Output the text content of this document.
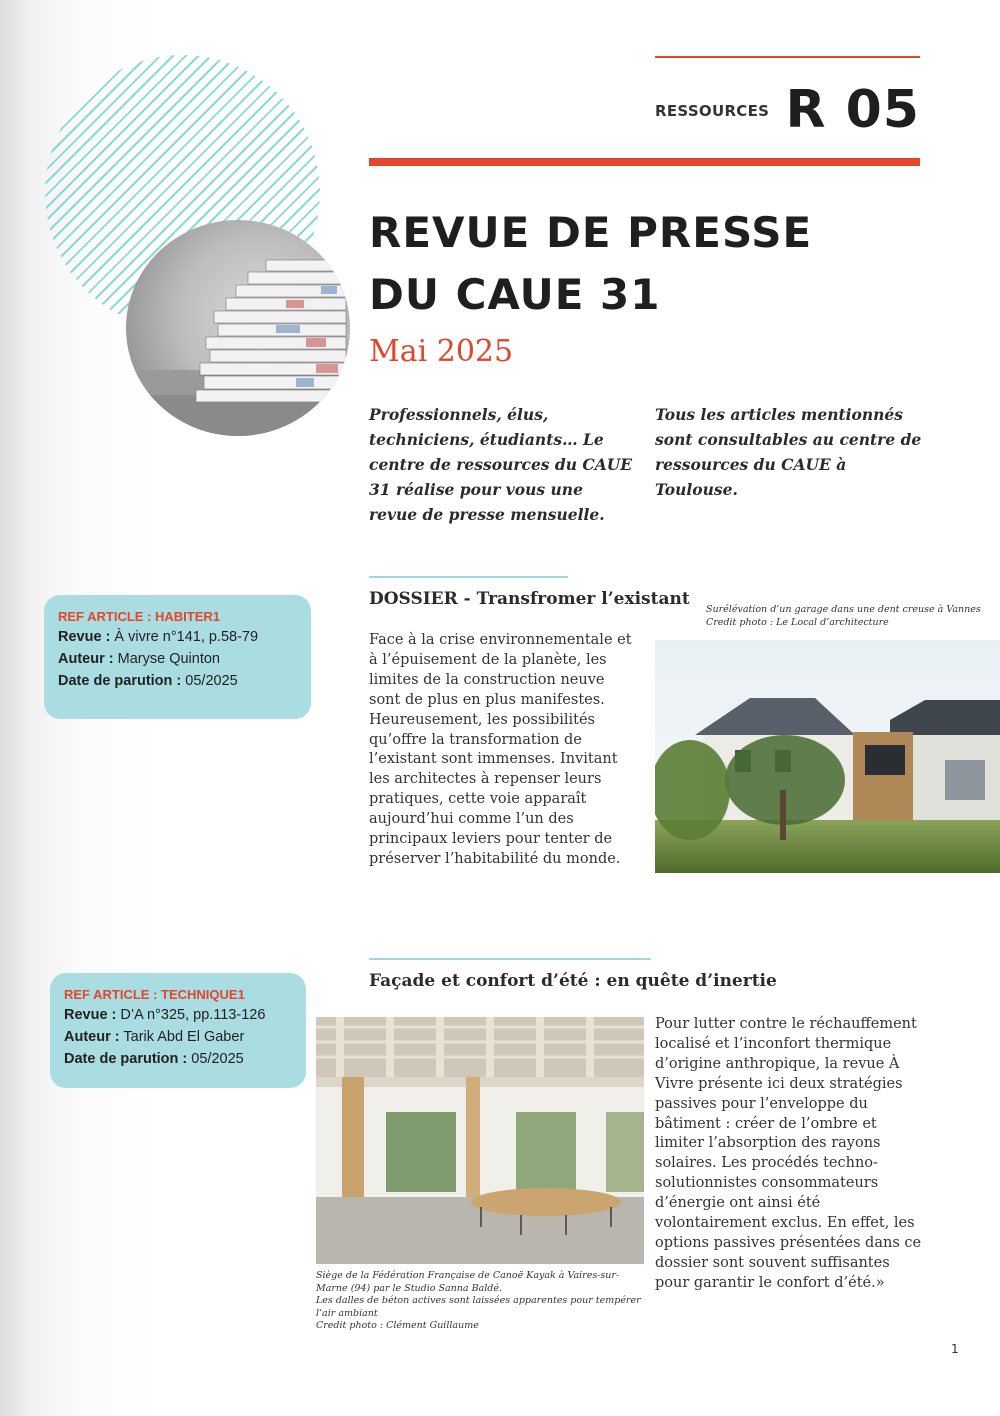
RESSOURCES R 05
REVUE DE PRESSE
DU CAUE 31
Mai 2025
Professionnels, élus, techniciens, étudiants… Le centre de ressources du CAUE 31 réalise pour vous une revue de presse mensuelle.
Tous les articles mentionnés sont consultables au centre de ressources du CAUE à Toulouse.
DOSSIER - Transfromer l’existant
REF ARTICLE : HABITER1
Revue : À vivre n°141, p.58-79
Auteur : Maryse Quinton
Date de parution : 05/2025
Face à la crise environnementale et à l’épuisement de la planète, les limites de la construction neuve sont de plus en plus manifestes. Heureusement, les possibilités qu’offre la transformation de l’existant sont immenses. Invitant les architectes à repenser leurs pratiques, cette voie apparaît aujourd’hui comme l’un des principaux leviers pour tenter de préserver l’habitabilité du monde.
Surélévation d’un garage dans une dent creuse à Vannes
Credit photo : Le Local d’architecture
Façade et confort d’été : en quête d’inertie
REF ARTICLE : TECHNIQUE1
Revue : D’A n°325, pp.113-126
Auteur : Tarik Abd El Gaber
Date de parution : 05/2025
Pour lutter contre le réchauffement localisé et l’inconfort thermique d’origine anthropique, la revue À Vivre présente ici deux stratégies passives pour l’enveloppe du bâtiment : créer de l’ombre et limiter l’absorption des rayons solaires. Les procédés techno-solutionnistes consommateurs d’énergie ont ainsi été volontairement exclus. En effet, les options passives présentées dans ce dossier sont souvent suffisantes pour garantir le confort d’été.»
Siège de la Fédération Française de Canoë Kayak à Vaires-sur-Marne (94) par le Studio Sanna Baldé.
Les dalles de béton actives sont laissées apparentes pour tempérer l’air ambiant
Credit photo : Clément Guillaume
1
